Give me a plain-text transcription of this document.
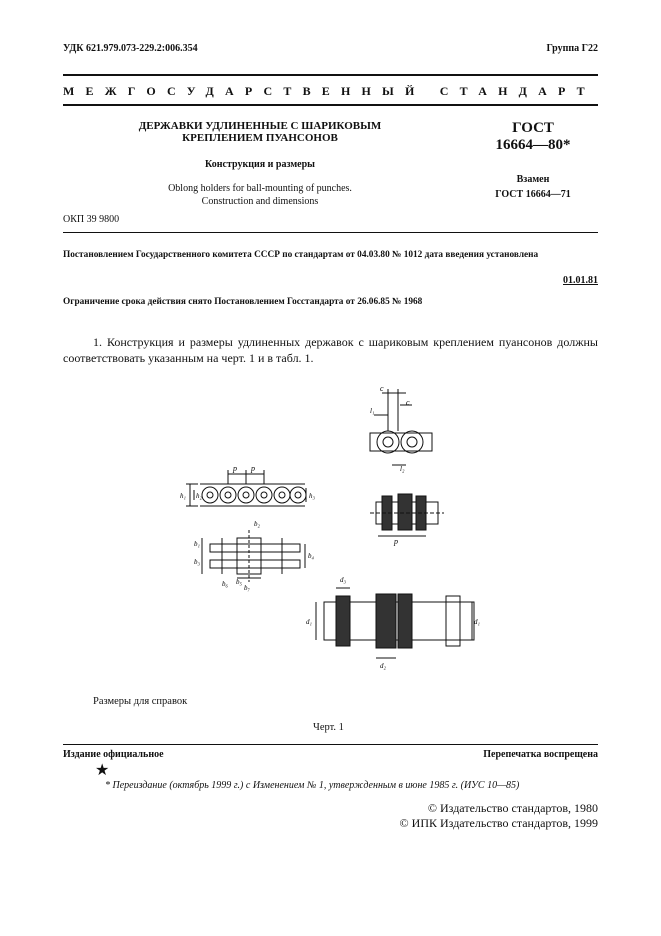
УДК 621.979.073-229.2:006.354	Группа Г22
МЕЖГОСУДАРСТВЕННЫЙ СТАНДАРТ
ДЕРЖАВКИ УДЛИНЕННЫЕ С ШАРИКОВЫМ
КРЕПЛЕНИЕМ ПУАНСОНОВ
Конструкция и размеры
Oblong holders for ball-mounting of punches.
Construction and dimensions
ГОСТ
16664—80*
Взамен
ГОСТ 16664—71
ОКП 39 9800
Постановлением Государственного комитета СССР по стандартам от 04.03.80 № 1012 дата введения установлена
01.01.81
Ограничение срока действия снято Постановлением Госстандарта от 26.06.85 № 1968
1. Конструкция и размеры удлиненных державок с шариковым креплением пуансонов должны соответствовать указанным на черт. 1 и в табл. 1.
p p
h₁ h₂	h₃
b₂
b₁
b₃
b₄
b₅
b₆ b₇
c
c
l₁
l₂
p
d₃
d₁	d₁
d₂
Размеры для справок
Черт. 1
Издание официальное	Перепечатка воспрещена
★
* Переиздание (октябрь 1999 г.) с Изменением № 1, утвержденным в июне 1985 г. (ИУС 10—85)
© Издательство стандартов, 1980
© ИПК Издательство стандартов, 1999
